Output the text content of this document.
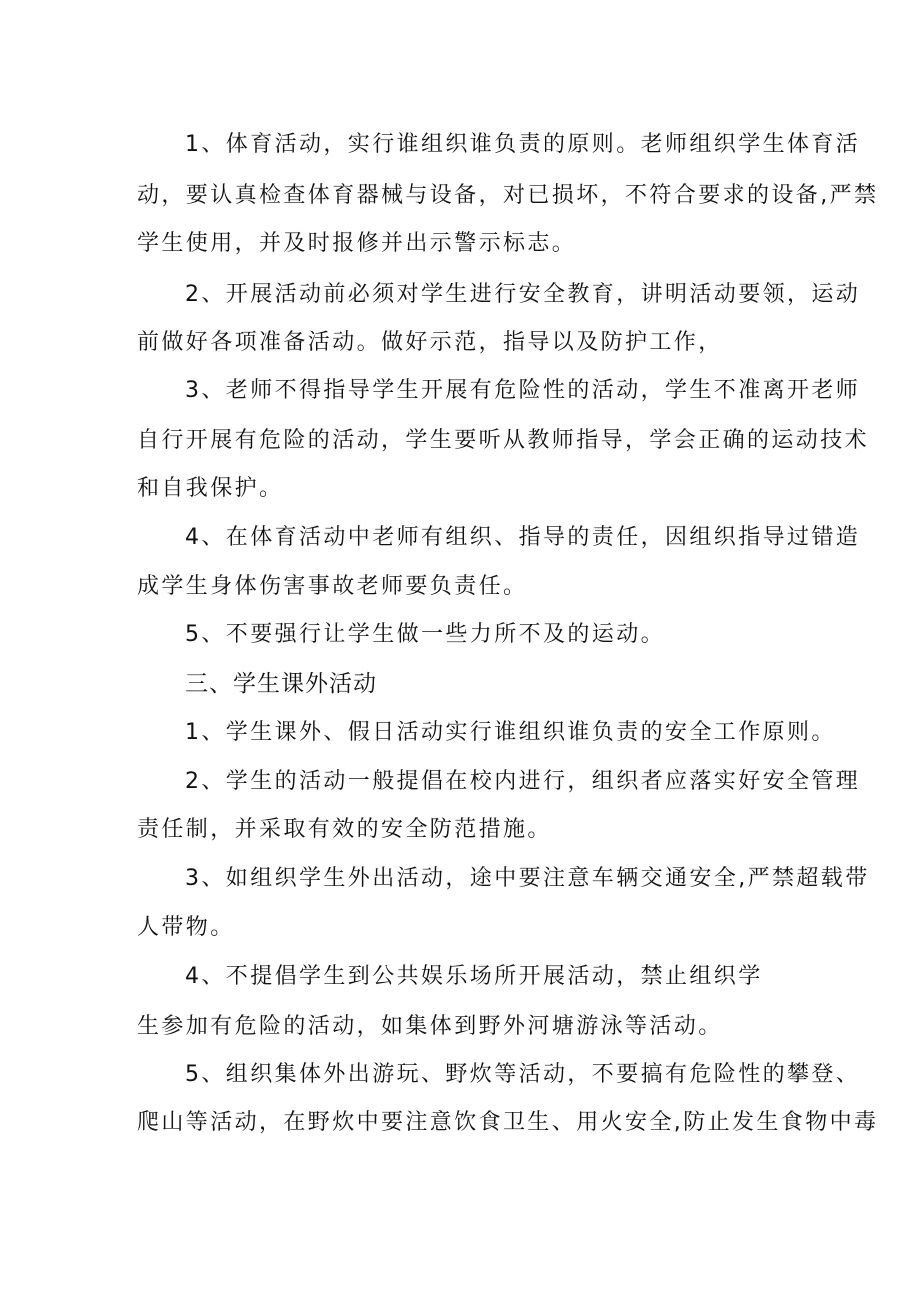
1、体育活动，实行谁组织谁负责的原则。老师组织学生体育活
动，要认真检查体育器械与设备，对已损坏，不符合要求的设备,严禁
学生使用，并及时报修并出示警示标志。
2、开展活动前必须对学生进行安全教育，讲明活动要领，运动
前做好各项准备活动。做好示范，指导以及防护工作，
3、老师不得指导学生开展有危险性的活动，学生不准离开老师
自行开展有危险的活动，学生要听从教师指导，学会正确的运动技术
和自我保护。
4、在体育活动中老师有组织、指导的责任，因组织指导过错造
成学生身体伤害事故老师要负责任。
5、不要强行让学生做一些力所不及的运动。
三、学生课外活动
1、学生课外、假日活动实行谁组织谁负责的安全工作原则。
2、学生的活动一般提倡在校内进行，组织者应落实好安全管理
责任制，并采取有效的安全防范措施。
3、如组织学生外出活动，途中要注意车辆交通安全,严禁超载带
人带物。
4、不提倡学生到公共娱乐场所开展活动，禁止组织学
生参加有危险的活动，如集体到野外河塘游泳等活动。
5、组织集体外出游玩、野炊等活动，不要搞有危险性的攀登、
爬山等活动，在野炊中要注意饮食卫生、用火安全,防止发生食物中毒
